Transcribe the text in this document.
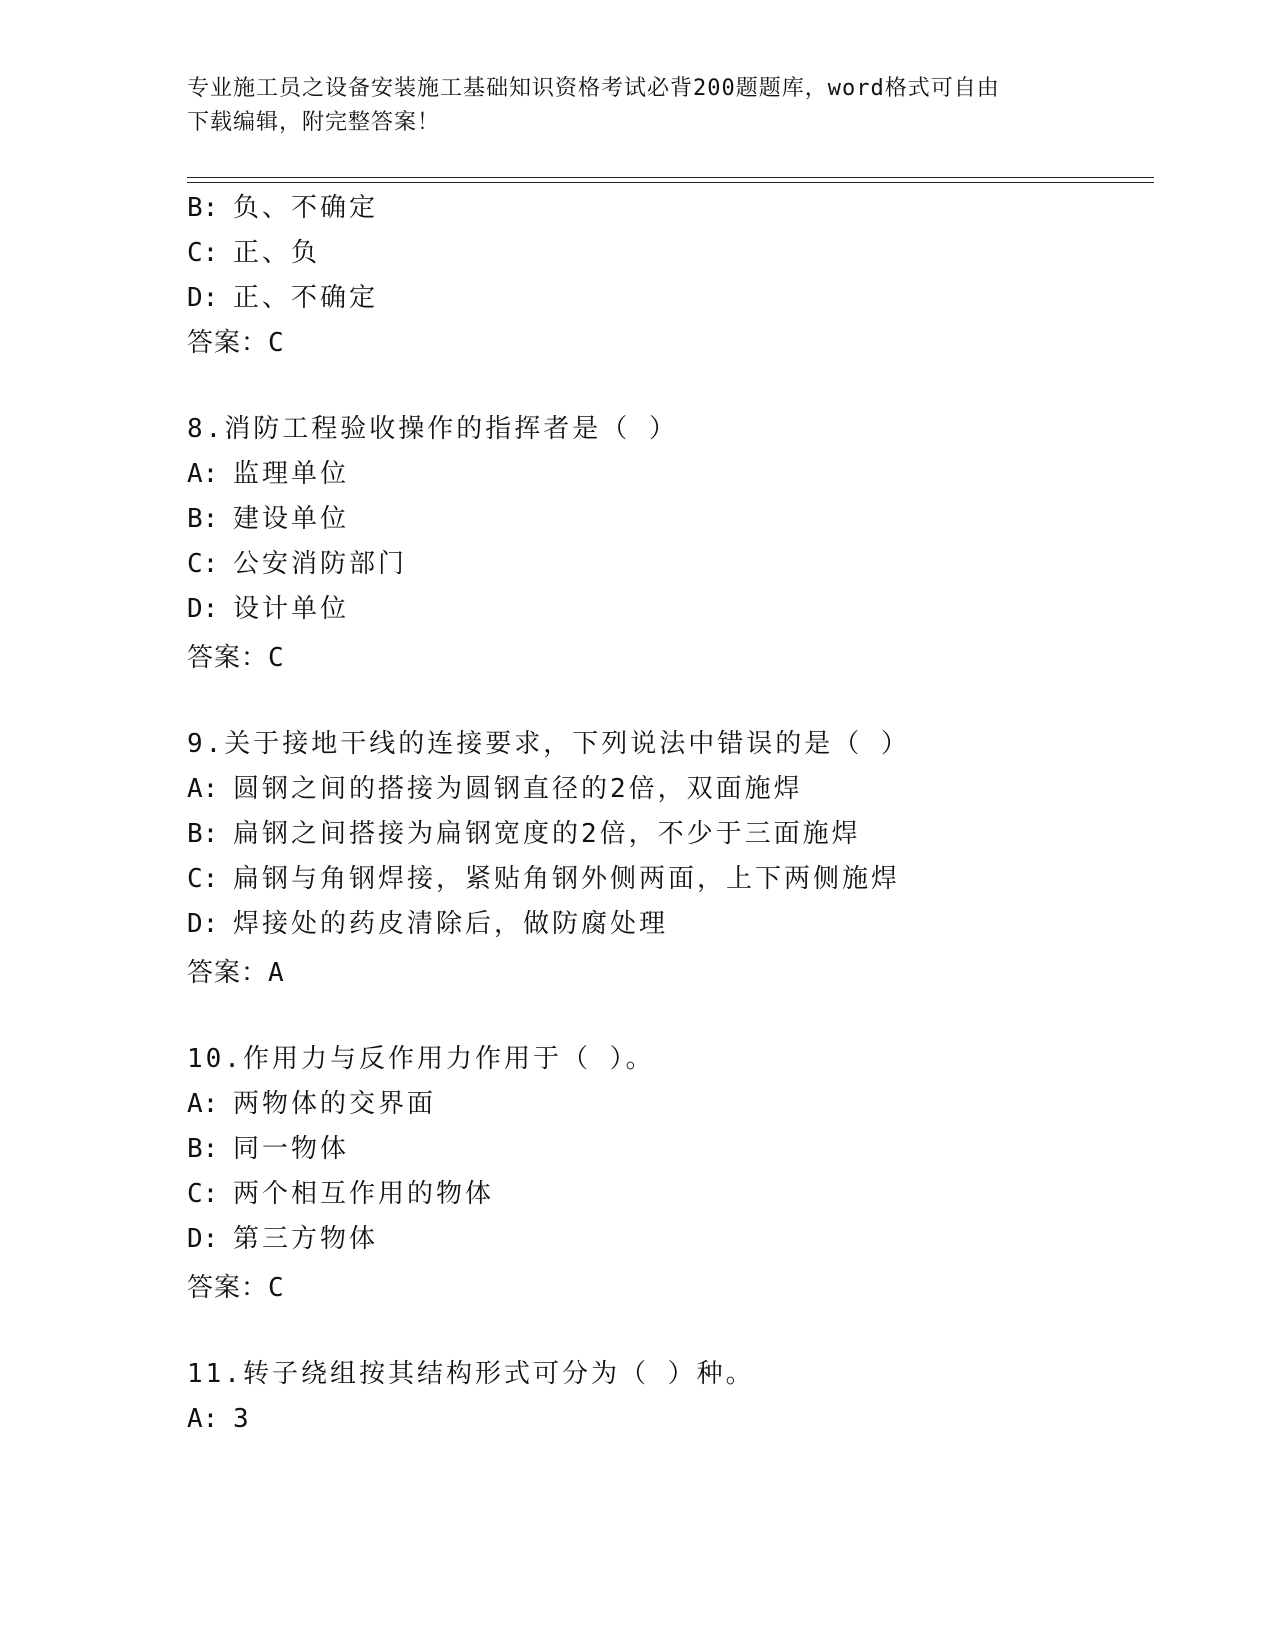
专业施工员之设备安装施工基础知识资格考试必背200题题库，word格式可自由
下载编辑，附完整答案！
B: 负、不确定
C: 正、负
D: 正、不确定
答案：C
8.消防工程验收操作的指挥者是（ ）
A: 监理单位
B: 建设单位
C: 公安消防部门
D: 设计单位
答案：C
9.关于接地干线的连接要求，下列说法中错误的是（ ）
A: 圆钢之间的搭接为圆钢直径的2倍，双面施焊
B: 扁钢之间搭接为扁钢宽度的2倍，不少于三面施焊
C: 扁钢与角钢焊接，紧贴角钢外侧两面，上下两侧施焊
D: 焊接处的药皮清除后，做防腐处理
答案：A
10.作用力与反作用力作用于（ ）。
A: 两物体的交界面
B: 同一物体
C: 两个相互作用的物体
D: 第三方物体
答案：C
11.转子绕组按其结构形式可分为（ ）种。
A: 3
